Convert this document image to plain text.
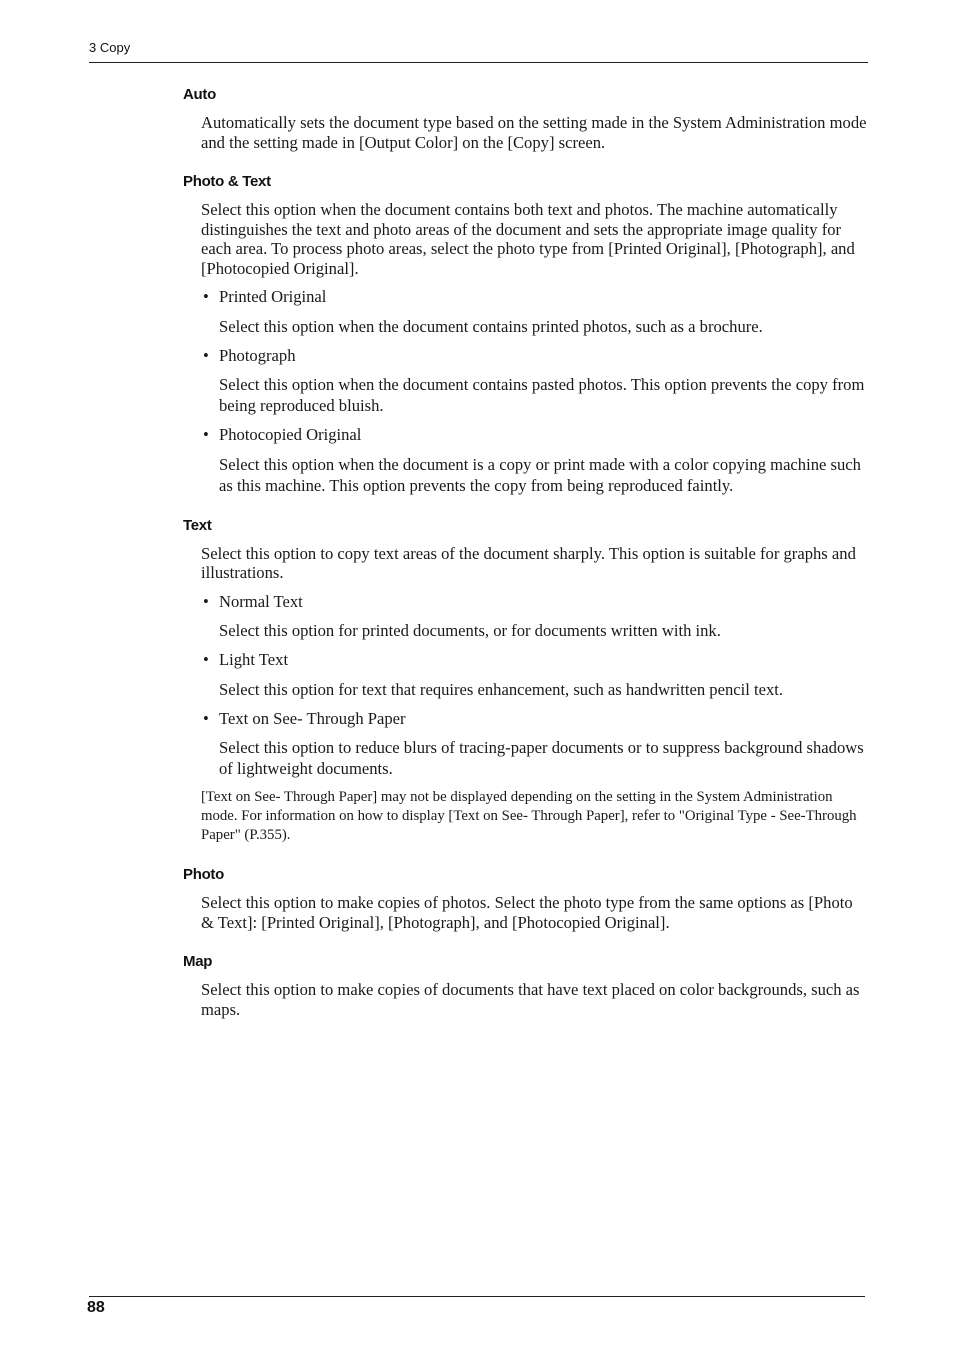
3 Copy
Auto

Automatically sets the document type based on the setting made in the System Administration mode and the setting made in [Output Color] on the [Copy] screen.

Photo & Text

Select this option when the document contains both text and photos. The machine automatically distinguishes the text and photo areas of the document and sets the appropriate image quality for each area. To process photo areas, select the photo type from [Printed Original], [Photograph], and [Photocopied Original].

• Printed Original

Select this option when the document contains printed photos, such as a brochure.

• Photograph

Select this option when the document contains pasted photos. This option prevents the copy from being reproduced bluish.

• Photocopied Original

Select this option when the document is a copy or print made with a color copying machine such as this machine. This option prevents the copy from being reproduced faintly.

Text

Select this option to copy text areas of the document sharply. This option is suitable for graphs and illustrations.

• Normal Text

Select this option for printed documents, or for documents written with ink.

• Light Text

Select this option for text that requires enhancement, such as handwritten pencil text.

• Text on See- Through Paper

Select this option to reduce blurs of tracing-paper documents or to suppress background shadows of lightweight documents.

[Text on See- Through Paper] may not be displayed depending on the setting in the System Administration mode. For information on how to display [Text on See- Through Paper], refer to "Original Type - See-Through Paper" (P.355).

Photo

Select this option to make copies of photos. Select the photo type from the same options as [Photo & Text]: [Printed Original], [Photograph], and [Photocopied Original].

Map

Select this option to make copies of documents that have text placed on color backgrounds, such as maps.

88
